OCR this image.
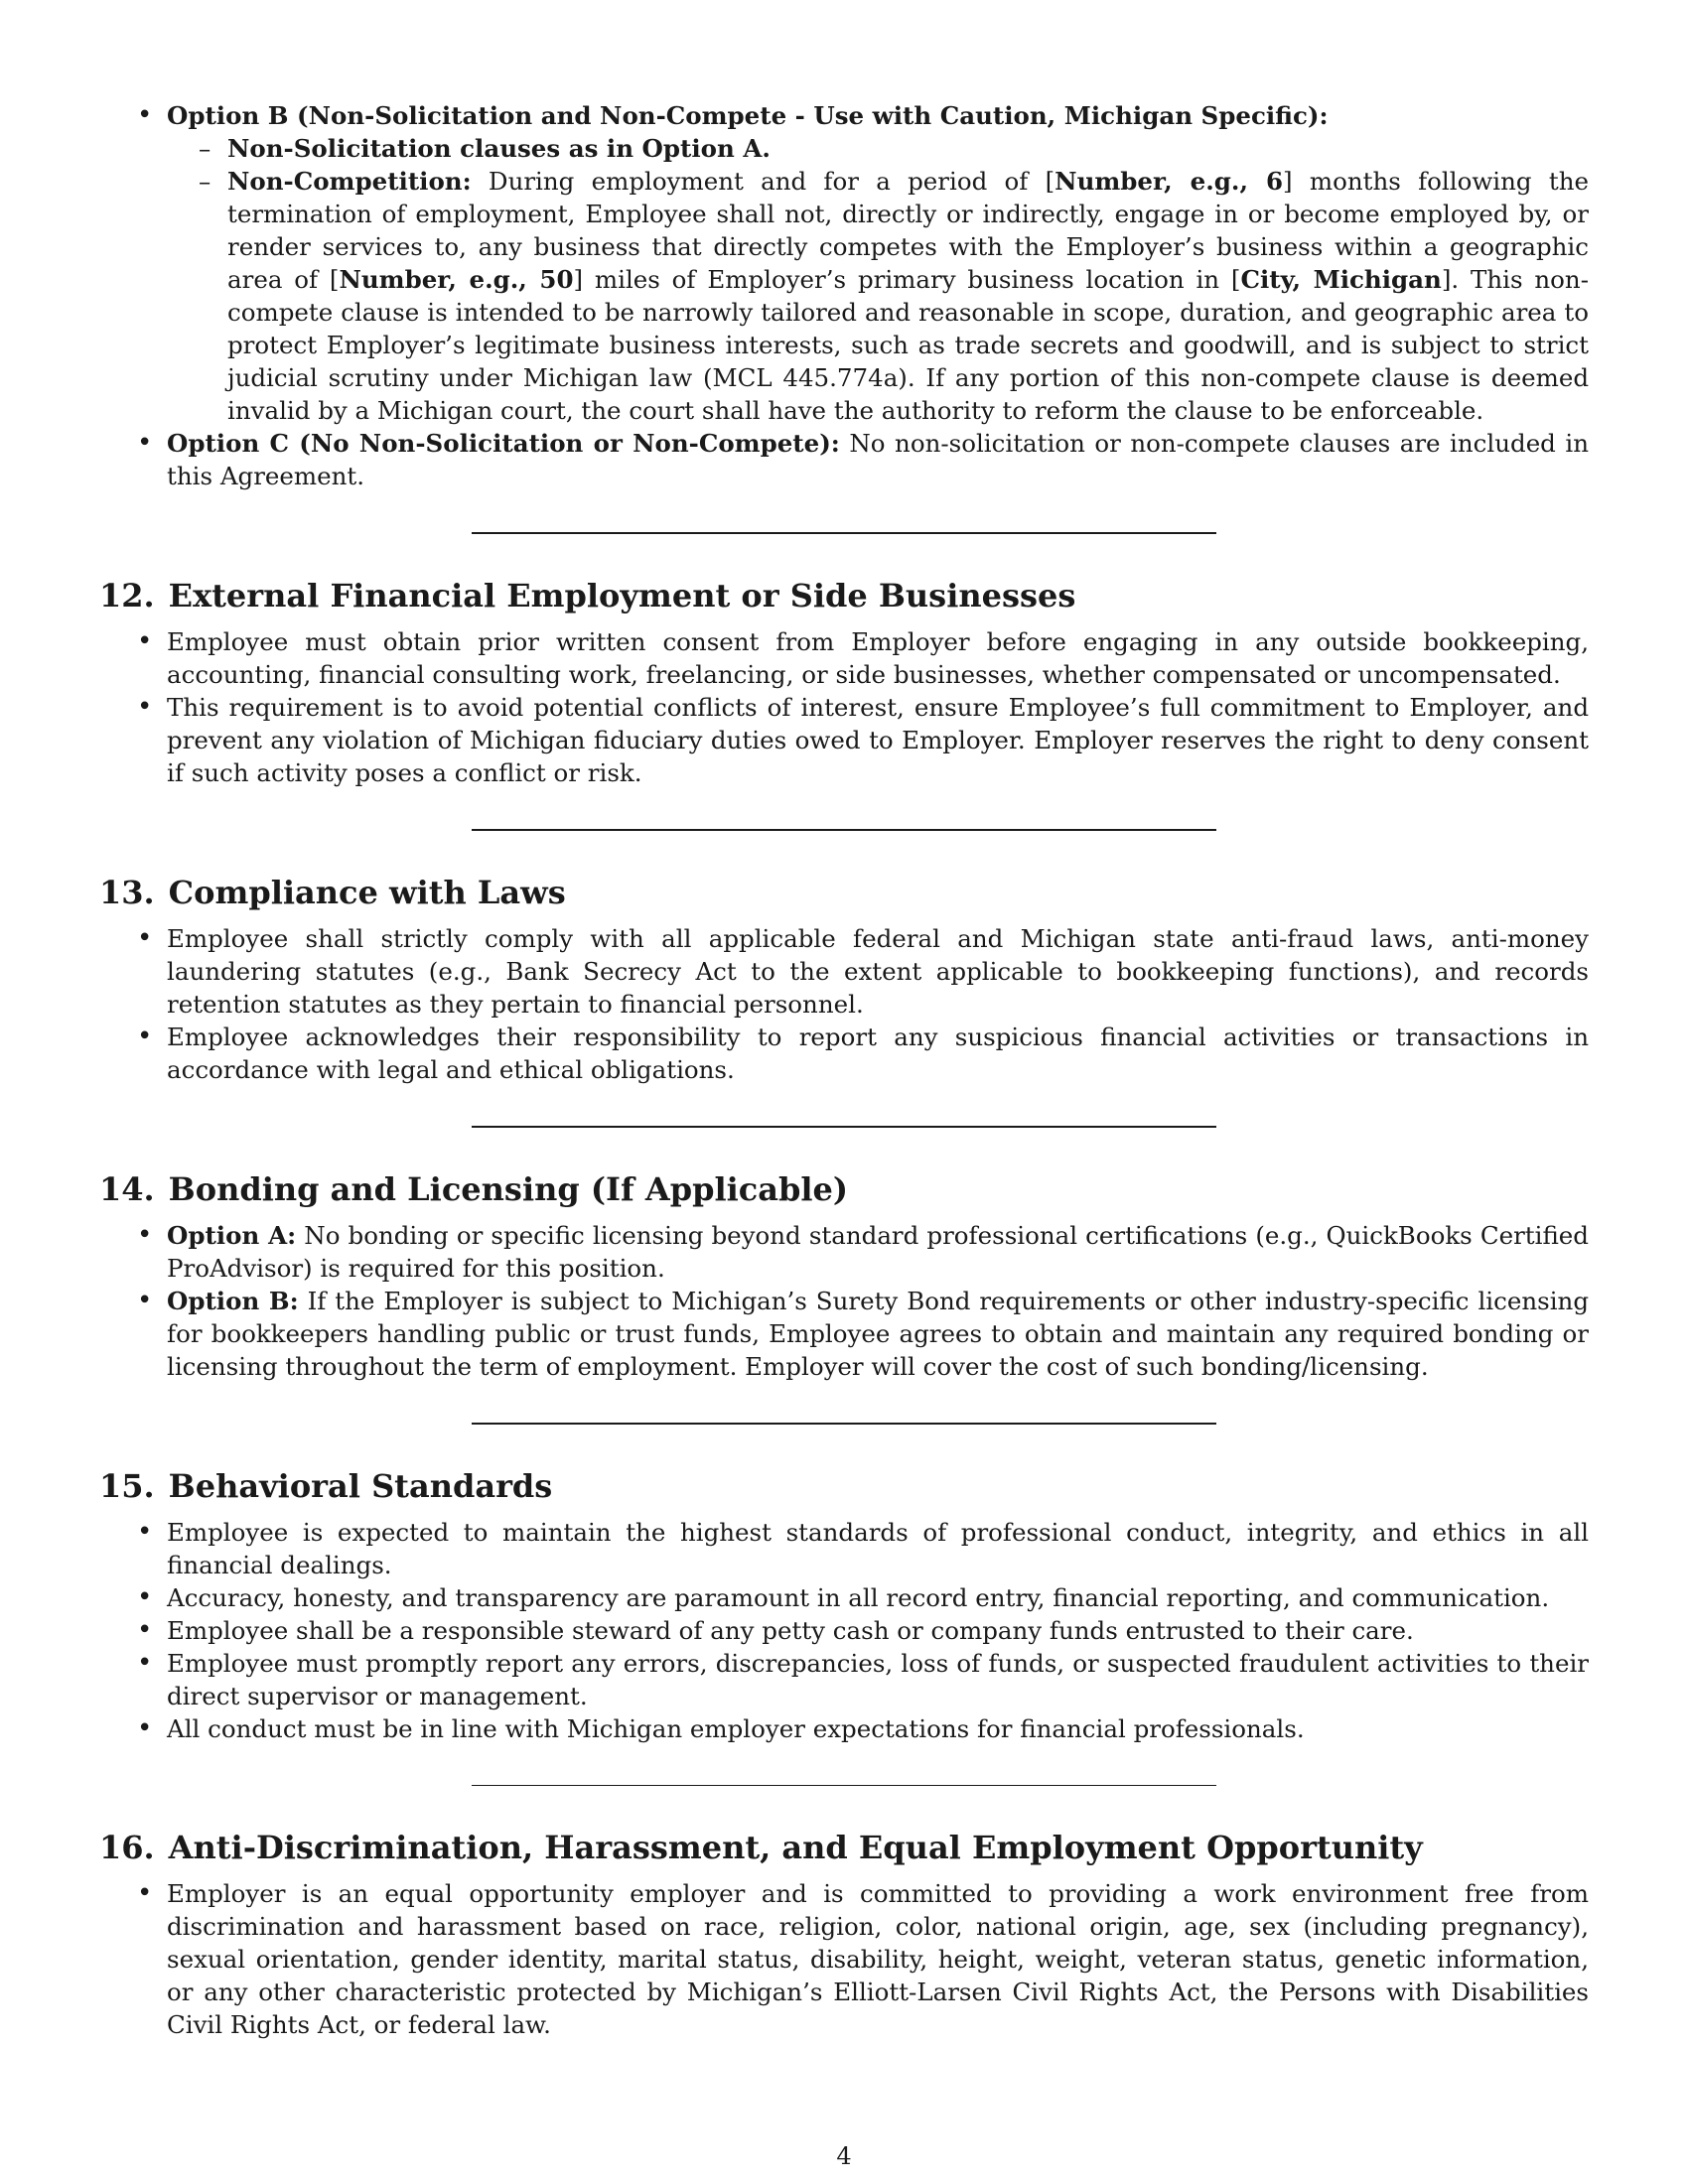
• Option B (Non-Solicitation and Non-Compete - Use with Caution, Michigan Specific):
– Non-Solicitation clauses as in Option A.
– Non-Competition: During employment and for a period of [Number, e.g., 6] months following the termination of employment, Employee shall not, directly or indirectly, engage in or become employed by, or render services to, any business that directly competes with the Employer’s business within a geographic area of [Number, e.g., 50] miles of Employer’s primary business location in [City, Michigan]. This non-compete clause is intended to be narrowly tailored and reasonable in scope, duration, and geographic area to protect Employer’s legitimate business interests, such as trade secrets and goodwill, and is subject to strict judicial scrutiny under Michigan law (MCL 445.774a). If any portion of this non-compete clause is deemed invalid by a Michigan court, the court shall have the authority to reform the clause to be enforceable.
• Option C (No Non-Solicitation or Non-Compete): No non-solicitation or non-compete clauses are included in this Agreement.
12. External Financial Employment or Side Businesses
• Employee must obtain prior written consent from Employer before engaging in any outside bookkeeping, accounting, financial consulting work, freelancing, or side businesses, whether compensated or uncompensated.
• This requirement is to avoid potential conflicts of interest, ensure Employee’s full commitment to Employer, and prevent any violation of Michigan fiduciary duties owed to Employer. Employer reserves the right to deny consent if such activity poses a conflict or risk.
13. Compliance with Laws
• Employee shall strictly comply with all applicable federal and Michigan state anti-fraud laws, anti-money laundering statutes (e.g., Bank Secrecy Act to the extent applicable to bookkeeping functions), and records retention statutes as they pertain to financial personnel.
• Employee acknowledges their responsibility to report any suspicious financial activities or transactions in accordance with legal and ethical obligations.
14. Bonding and Licensing (If Applicable)
• Option A: No bonding or specific licensing beyond standard professional certifications (e.g., QuickBooks Certified ProAdvisor) is required for this position.
• Option B: If the Employer is subject to Michigan’s Surety Bond requirements or other industry-specific licensing for bookkeepers handling public or trust funds, Employee agrees to obtain and maintain any required bonding or licensing throughout the term of employment. Employer will cover the cost of such bonding/licensing.
15. Behavioral Standards
• Employee is expected to maintain the highest standards of professional conduct, integrity, and ethics in all financial dealings.
• Accuracy, honesty, and transparency are paramount in all record entry, financial reporting, and communication.
• Employee shall be a responsible steward of any petty cash or company funds entrusted to their care.
• Employee must promptly report any errors, discrepancies, loss of funds, or suspected fraudulent activities to their direct supervisor or management.
• All conduct must be in line with Michigan employer expectations for financial professionals.
16. Anti-Discrimination, Harassment, and Equal Employment Opportunity
• Employer is an equal opportunity employer and is committed to providing a work environment free from discrimination and harassment based on race, religion, color, national origin, age, sex (including pregnancy), sexual orientation, gender identity, marital status, disability, height, weight, veteran status, genetic information, or any other characteristic protected by Michigan’s Elliott-Larsen Civil Rights Act, the Persons with Disabilities Civil Rights Act, or federal law.
4
